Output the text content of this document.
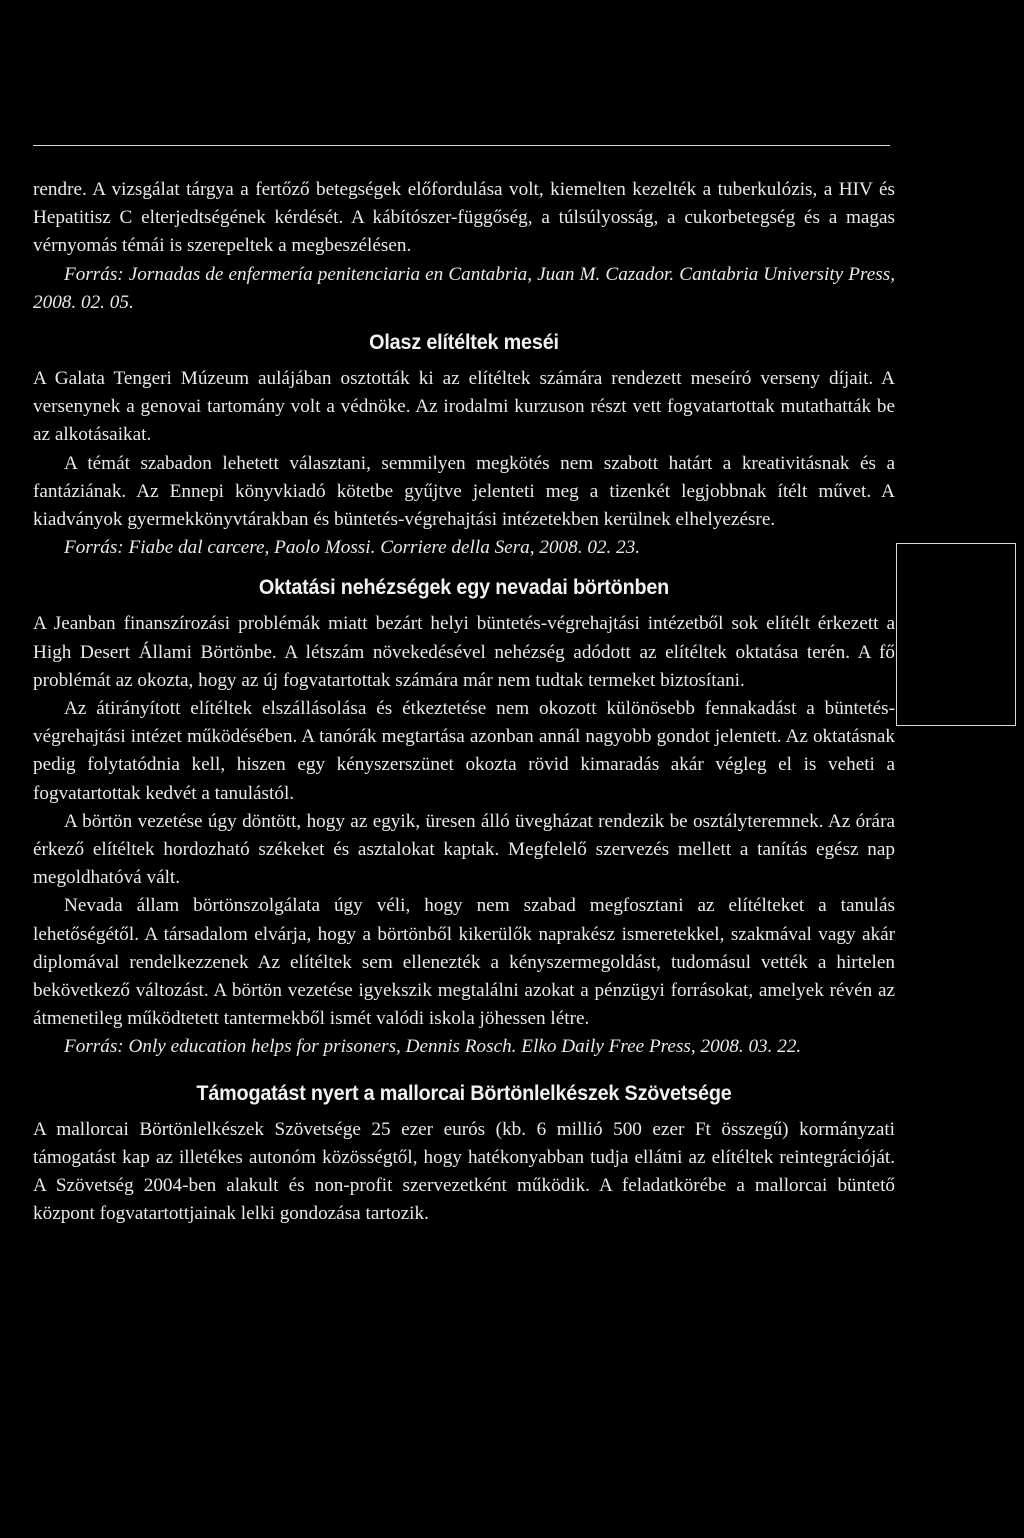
rendre. A vizsgálat tárgya a fertőző betegségek előfordulása volt, kiemelten kezelték a tuberkulózis, a HIV és Hepatitisz C elterjedtségének kérdését. A kábítószer-függőség, a túlsúlyosság, a cukorbetegség és a magas vérnyomás témái is szerepeltek a megbeszélésen.

Forrás: Jornadas de enfermería penitenciaria en Cantabria, Juan M. Cazador. Cantabria University Press, 2008. 02. 05.

Olasz elítéltek meséi

A Galata Tengeri Múzeum aulájában osztották ki az elítéltek számára rendezett meseíró verseny díjait. A versenynek a genovai tartomány volt a védnöke. Az irodalmi kurzuson részt vett fogvatartottak mutathatták be az alkotásaikat.

A témát szabadon lehetett választani, semmilyen megkötés nem szabott határt a kreativitásnak és a fantáziának. Az Ennepi könyvkiadó kötetbe gyűjtve jelenteti meg a tizenkét legjobbnak ítélt művet. A kiadványok gyermekkönyvtárakban és büntetés-végrehajtási intézetekben kerülnek elhelyezésre.

Forrás: Fiabe dal carcere, Paolo Mossi. Corriere della Sera, 2008. 02. 23.

Oktatási nehézségek egy nevadai börtönben

A Jeanban finanszírozási problémák miatt bezárt helyi büntetés-végrehajtási intézetből sok elítélt érkezett a High Desert Állami Börtönbe. A létszám növekedésével nehézség adódott az elítéltek oktatása terén. A fő problémát az okozta, hogy az új fogvatartottak számára már nem tudtak termeket biztosítani.

Az átirányított elítéltek elszállásolása és étkeztetése nem okozott különösebb fennakadást a büntetés-végrehajtási intézet működésében. A tanórák megtartása azonban annál nagyobb gondot jelentett. Az oktatásnak pedig folytatódnia kell, hiszen egy kényszerszünet okozta rövid kimaradás akár végleg el is veheti a fogvatartottak kedvét a tanulástól.

A börtön vezetése úgy döntött, hogy az egyik, üresen álló üvegházat rendezik be osztályteremnek. Az órára érkező elítéltek hordozható székeket és asztalokat kaptak. Megfelelő szervezés mellett a tanítás egész nap megoldhatóvá vált.

Nevada állam börtönszolgálata úgy véli, hogy nem szabad megfosztani az elítélteket a tanulás lehetőségétől. A társadalom elvárja, hogy a börtönből kikerülők naprakész ismeretekkel, szakmával vagy akár diplomával rendelkezzenek Az elítéltek sem ellenezték a kényszermegoldást, tudomásul vették a hirtelen bekövetkező változást. A börtön vezetése igyekszik megtalálni azokat a pénzügyi forrásokat, amelyek révén az átmenetileg működtetett tantermekből ismét valódi iskola jöhessen létre.

Forrás: Only education helps for prisoners, Dennis Rosch. Elko Daily Free Press, 2008. 03. 22.

Támogatást nyert a mallorcai Börtönlelkészek Szövetsége

A mallorcai Börtönlelkészek Szövetsége 25 ezer eurós (kb. 6 millió 500 ezer Ft összegű) kormányzati támogatást kap az illetékes autonóm közösségtől, hogy hatékonyabban tudja ellátni az elítéltek reintegrációját. A Szövetség 2004-ben alakult és non-profit szervezetként működik. A feladatkörébe a mallorcai büntető központ fogvatartottjainak lelki gondozása tartozik.
